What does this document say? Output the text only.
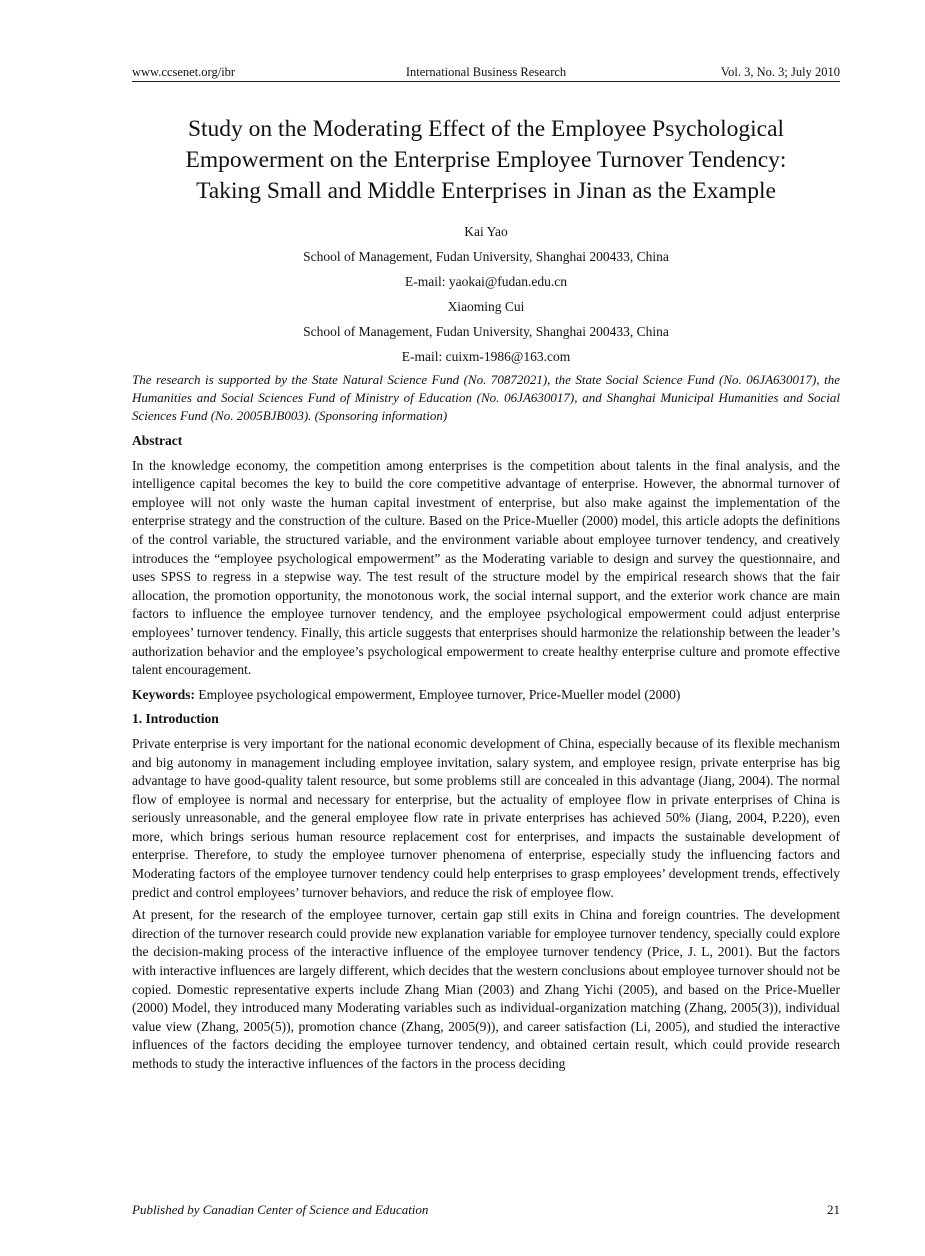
www.ccsenet.org/ibr	International Business Research	Vol. 3, No. 3; July 2010
Study on the Moderating Effect of the Employee Psychological
Empowerment on the Enterprise Employee Turnover Tendency:
Taking Small and Middle Enterprises in Jinan as the Example
Kai Yao
School of Management, Fudan University, Shanghai 200433, China
E-mail: yaokai@fudan.edu.cn
Xiaoming Cui
School of Management, Fudan University, Shanghai 200433, China
E-mail: cuixm-1986@163.com
The research is supported by the State Natural Science Fund (No. 70872021), the State Social Science Fund (No. 06JA630017), the Humanities and Social Sciences Fund of Ministry of Education (No. 06JA630017), and Shanghai Municipal Humanities and Social Sciences Fund (No. 2005BJB003). (Sponsoring information)

Abstract

In the knowledge economy, the competition among enterprises is the competition about talents in the final analysis, and the intelligence capital becomes the key to build the core competitive advantage of enterprise. However, the abnormal turnover of employee will not only waste the human capital investment of enterprise, but also make against the implementation of the enterprise strategy and the construction of the culture. Based on the Price-Mueller (2000) model, this article adopts the definitions of the control variable, the structured variable, and the environment variable about employee turnover tendency, and creatively introduces the “employee psychological empowerment” as the Moderating variable to design and survey the questionnaire, and uses SPSS to regress in a stepwise way. The test result of the structure model by the empirical research shows that the fair allocation, the promotion opportunity, the monotonous work, the social internal support, and the exterior work chance are main factors to influence the employee turnover tendency, and the employee psychological empowerment could adjust enterprise employees’ turnover tendency. Finally, this article suggests that enterprises should harmonize the relationship between the leader’s authorization behavior and the employee’s psychological empowerment to create healthy enterprise culture and promote effective talent encouragement.

Keywords: Employee psychological empowerment, Employee turnover, Price-Mueller model (2000)

1. Introduction

Private enterprise is very important for the national economic development of China, especially because of its flexible mechanism and big autonomy in management including employee invitation, salary system, and employee resign, private enterprise has big advantage to have good-quality talent resource, but some problems still are concealed in this advantage (Jiang, 2004). The normal flow of employee is normal and necessary for enterprise, but the actuality of employee flow in private enterprises of China is seriously unreasonable, and the general employee flow rate in private enterprises has achieved 50% (Jiang, 2004, P.220), even more, which brings serious human resource replacement cost for enterprises, and impacts the sustainable development of enterprise. Therefore, to study the employee turnover phenomena of enterprise, especially study the influencing factors and Moderating factors of the employee turnover tendency could help enterprises to grasp employees’ development trends, effectively predict and control employees’ turnover behaviors, and reduce the risk of employee flow.

At present, for the research of the employee turnover, certain gap still exits in China and foreign countries. The development direction of the turnover research could provide new explanation variable for employee turnover tendency, specially could explore the decision-making process of the interactive influence of the employee turnover tendency (Price, J. L, 2001). But the factors with interactive influences are largely different, which decides that the western conclusions about employee turnover should not be copied. Domestic representative experts include Zhang Mian (2003) and Zhang Yichi (2005), and based on the Price-Mueller (2000) Model, they introduced many Moderating variables such as individual-organization matching (Zhang, 2005(3)), individual value view (Zhang, 2005(5)), promotion chance (Zhang, 2005(9)), and career satisfaction (Li, 2005), and studied the interactive influences of the factors deciding the employee turnover tendency, and obtained certain result, which could provide research methods to study the interactive influences of the factors in the process deciding

Published by Canadian Center of Science and Education	21
